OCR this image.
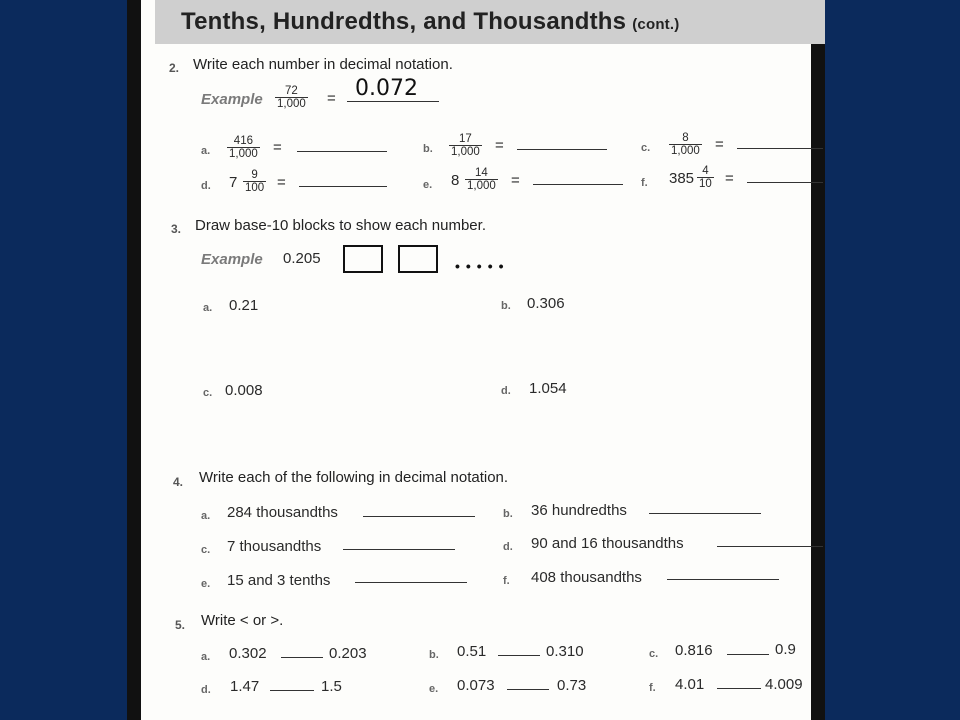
Tenths, Hundredths, and Thousandths (cont.)
2. Write each number in decimal notation.
Example $\frac{72}{1,000} = 0.072$
a. $\frac{416}{1,000}$ =	b. $\frac{17}{1,000}$ =	c. $\frac{8}{1,000}$ =
d. $7 \frac{9}{100}$ =	e. $8 \frac{14}{1,000}$ =	f. $385 \frac{4}{10}$ =
3. Draw base-10 blocks to show each number.
Example 0.205	•••••
a. 0.21	b. 0.306
c. 0.008	d. 1.054
4. Write each of the following in decimal notation.
a. 284 thousandths	b. 36 hundredths
c. 7 thousandths	d. 90 and 16 thousandths
e. 15 and 3 tenths	f. 408 thousandths
5. Write < or >.
a. 0.302	0.203	b. 0.51	0.310	c. 0.816	0.9
d. 1.47	1.5	e. 0.073	0.73	f. 4.01	4.009
